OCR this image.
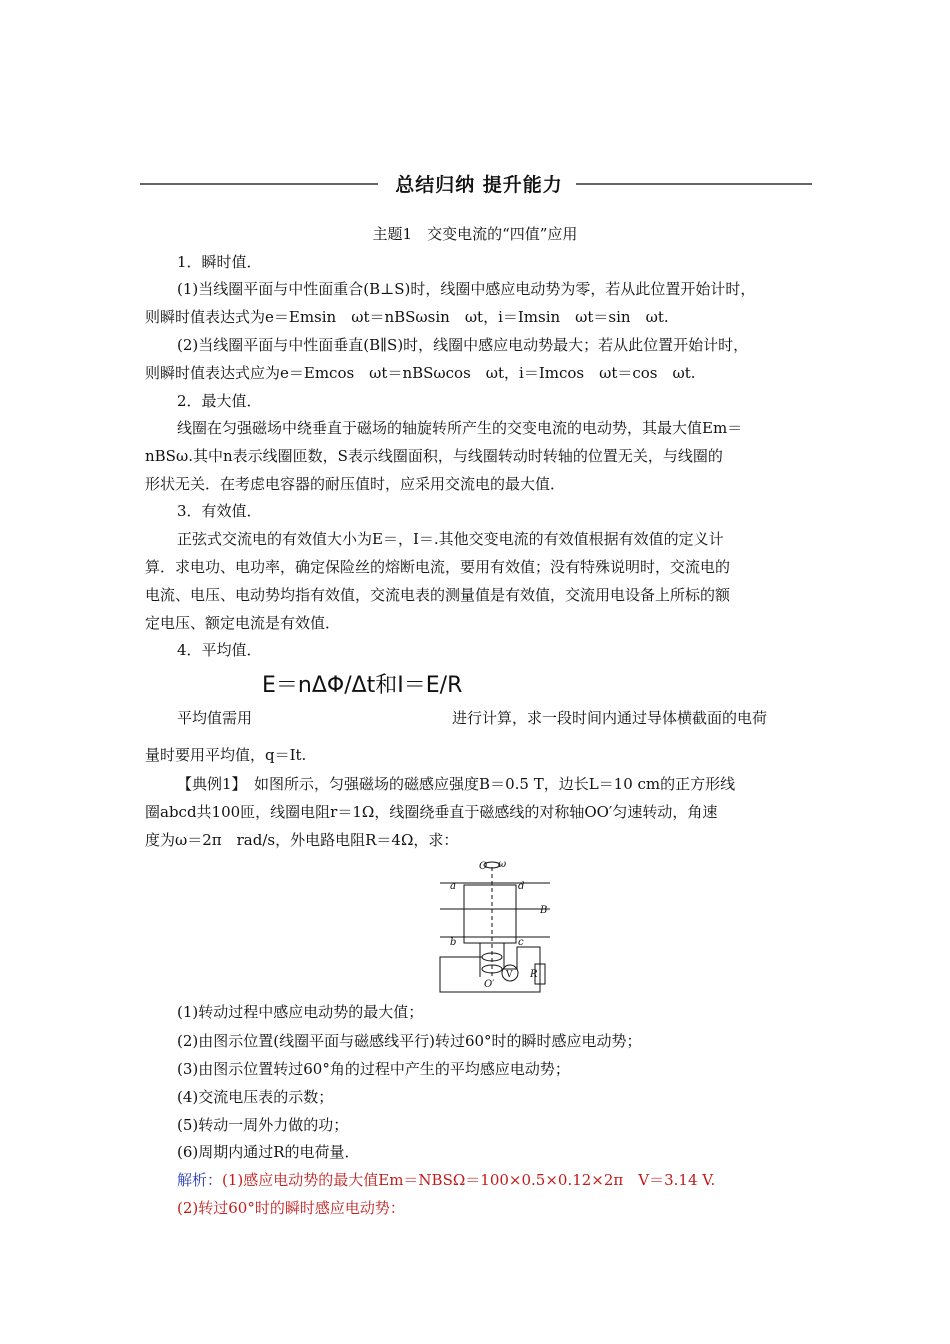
总结归纳 提升能力
主题1　交变电流的“四值”应用
1．瞬时值．
(1)当线圈平面与中性面重合(B⊥S)时，线圈中感应电动势为零，若从此位置开始计时，
则瞬时值表达式为e＝Emsin　ωt＝nBSωsin　ωt，i＝Imsin　ωt＝sin　ωt.
(2)当线圈平面与中性面垂直(B∥S)时，线圈中感应电动势最大；若从此位置开始计时，
则瞬时值表达式应为e＝Emcos　ωt＝nBSωcos　ωt，i＝Imcos　ωt＝cos　ωt.
2．最大值．
线圈在匀强磁场中绕垂直于磁场的轴旋转所产生的交变电流的电动势，其最大值Em＝
nBSω.其中n表示线圈匝数，S表示线圈面积，与线圈转动时转轴的位置无关，与线圈的
形状无关．在考虑电容器的耐压值时，应采用交流电的最大值．
3．有效值．
正弦式交流电的有效值大小为E＝，I＝.其他交变电流的有效值根据有效值的定义计
算．求电功、电功率，确定保险丝的熔断电流，要用有效值；没有特殊说明时，交流电的
电流、电压、电动势均指有效值，交流电表的测量值是有效值，交流用电设备上所标的额
定电压、额定电流是有效值．
4．平均值．
E＝nΔΦ/Δt和I＝E/R
平均值需用	进行计算，求一段时间内通过导体横截面的电荷
量时要用平均值，q＝It.
【典例1】　如图所示，匀强磁场的磁感应强度B＝0.5 T，边长L＝10 cm的正方形线
圈abcd共100匝，线圈电阻r＝1Ω，线圈绕垂直于磁感线的对称轴OO′匀速转动，角速
度为ω＝2π　rad/s，外电路电阻R＝4Ω，求：
O ω
a	d
b	c
B
O′
V R
(1)转动过程中感应电动势的最大值；
(2)由图示位置(线圈平面与磁感线平行)转过60°时的瞬时感应电动势；
(3)由图示位置转过60°角的过程中产生的平均感应电动势；
(4)交流电压表的示数；
(5)转动一周外力做的功；
(6)周期内通过R的电荷量．
解析： (1)感应电动势的最大值Em＝NBSΩ＝100×0.5×0.12×2π　V＝3.14 V.
(2)转过60°时的瞬时感应电动势：
